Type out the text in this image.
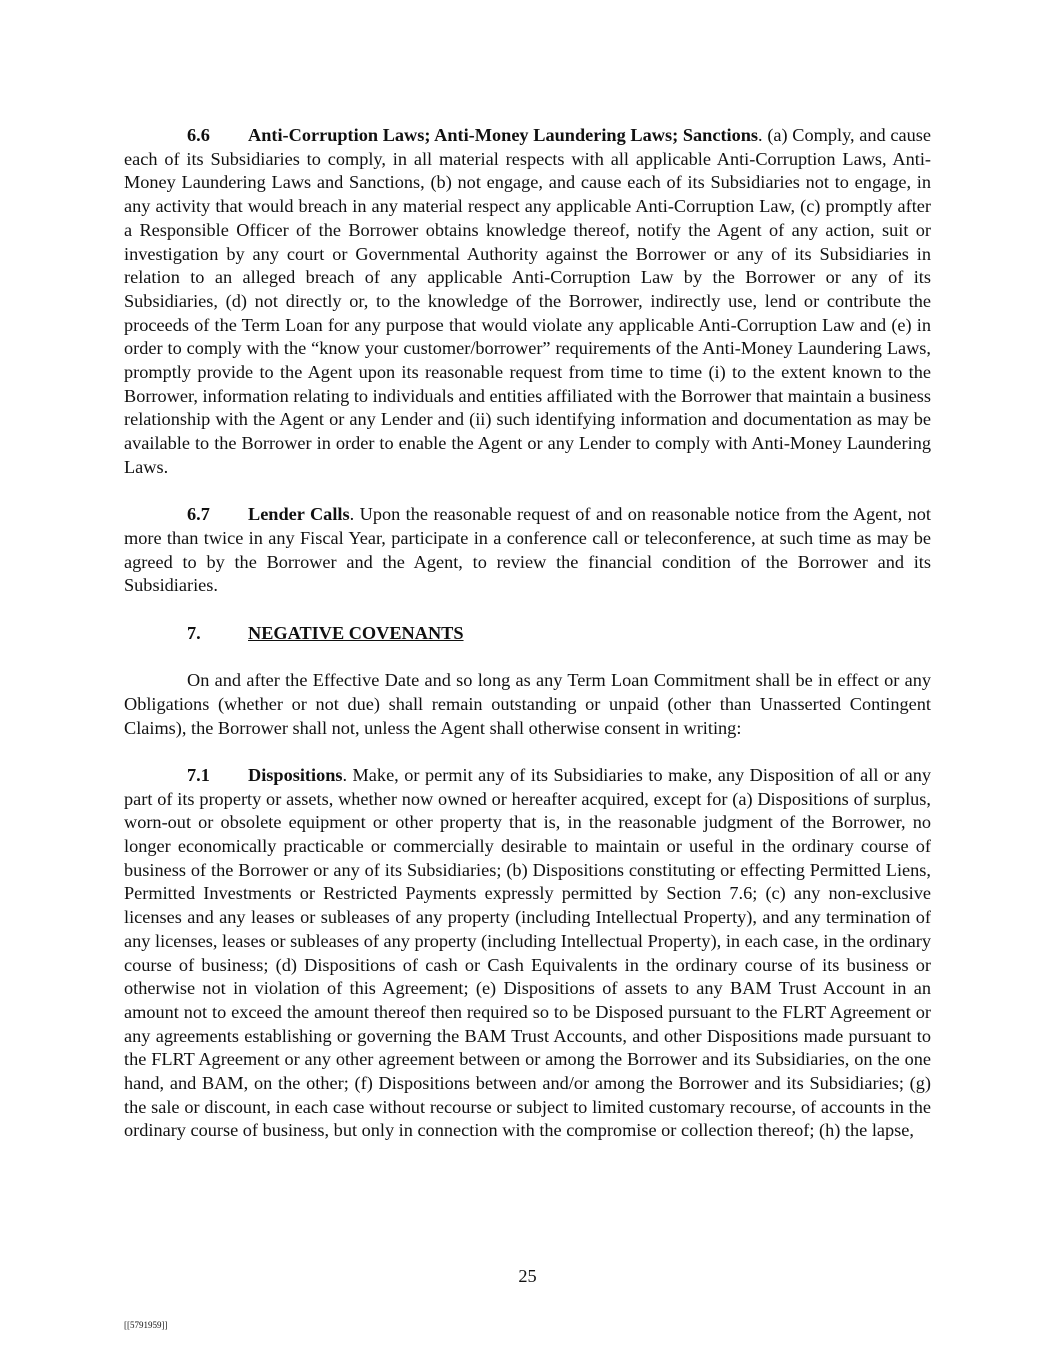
6.6 Anti-Corruption Laws; Anti-Money Laundering Laws; Sanctions. (a) Comply, and cause each of its Subsidiaries to comply, in all material respects with all applicable Anti-Corruption Laws, Anti-Money Laundering Laws and Sanctions, (b) not engage, and cause each of its Subsidiaries not to engage, in any activity that would breach in any material respect any applicable Anti-Corruption Law, (c) promptly after a Responsible Officer of the Borrower obtains knowledge thereof, notify the Agent of any action, suit or investigation by any court or Governmental Authority against the Borrower or any of its Subsidiaries in relation to an alleged breach of any applicable Anti-Corruption Law by the Borrower or any of its Subsidiaries, (d) not directly or, to the knowledge of the Borrower, indirectly use, lend or contribute the proceeds of the Term Loan for any purpose that would violate any applicable Anti-Corruption Law and (e) in order to comply with the “know your customer/borrower” requirements of the Anti-Money Laundering Laws, promptly provide to the Agent upon its reasonable request from time to time (i) to the extent known to the Borrower, information relating to individuals and entities affiliated with the Borrower that maintain a business relationship with the Agent or any Lender and (ii) such identifying information and documentation as may be available to the Borrower in order to enable the Agent or any Lender to comply with Anti-Money Laundering Laws.

6.7 Lender Calls. Upon the reasonable request of and on reasonable notice from the Agent, not more than twice in any Fiscal Year, participate in a conference call or teleconference, at such time as may be agreed to by the Borrower and the Agent, to review the financial condition of the Borrower and its Subsidiaries.

7.	NEGATIVE COVENANTS

On and after the Effective Date and so long as any Term Loan Commitment shall be in effect or any Obligations (whether or not due) shall remain outstanding or unpaid (other than Unasserted Contingent Claims), the Borrower shall not, unless the Agent shall otherwise consent in writing:

7.1 Dispositions. Make, or permit any of its Subsidiaries to make, any Disposition of all or any part of its property or assets, whether now owned or hereafter acquired, except for (a) Dispositions of surplus, worn-out or obsolete equipment or other property that is, in the reasonable judgment of the Borrower, no longer economically practicable or commercially desirable to maintain or useful in the ordinary course of business of the Borrower or any of its Subsidiaries; (b) Dispositions constituting or effecting Permitted Liens, Permitted Investments or Restricted Payments expressly permitted by Section 7.6; (c) any non-exclusive licenses and any leases or subleases of any property (including Intellectual Property), and any termination of any licenses, leases or subleases of any property (including Intellectual Property), in each case, in the ordinary course of business; (d) Dispositions of cash or Cash Equivalents in the ordinary course of its business or otherwise not in violation of this Agreement; (e) Dispositions of assets to any BAM Trust Account in an amount not to exceed the amount thereof then required so to be Disposed pursuant to the FLRT Agreement or any agreements establishing or governing the BAM Trust Accounts, and other Dispositions made pursuant to the FLRT Agreement or any other agreement between or among the Borrower and its Subsidiaries, on the one hand, and BAM, on the other; (f) Dispositions between and/or among the Borrower and its Subsidiaries; (g) the sale or discount, in each case without recourse or subject to limited customary recourse, of accounts in the ordinary course of business, but only in connection with the compromise or collection thereof; (h) the lapse,

25
[[5791959]]
